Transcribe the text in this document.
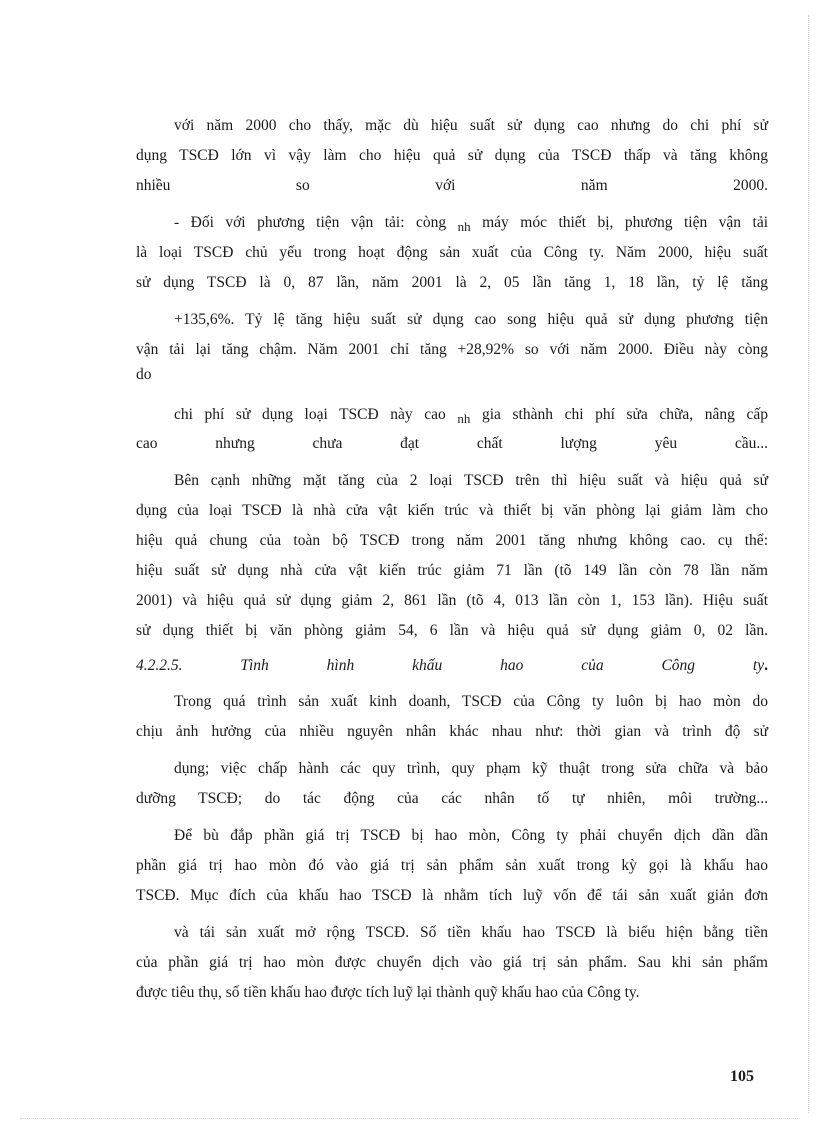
với năm 2000 cho thấy, mặc dù hiệu suất sử dụng cao nhưng do chi phí sử
dụng TSCĐ lớn vì vậy làm cho hiệu quả sử dụng của TSCĐ thấp và tăng không
nhiều so với năm 2000.
- Đối với phương tiện vận tải: còng $_{nh}$ máy móc thiết bị, phương tiện vận tải
là loại TSCĐ chủ yếu trong hoạt động sản xuất của Công ty. Năm 2000, hiệu suất
sử dụng TSCĐ là 0, 87 lần, năm 2001 là 2, 05 lần tăng 1, 18 lần, tỷ lệ tăng
+135,6%. Tỷ lệ tăng hiệu suất sử dụng cao song hiệu quả sử dụng phương tiện
vận tải lại tăng chậm. Năm 2001 chỉ tăng +28,92% so với năm 2000. Điều này còng
do
chi phí sử dụng loại TSCĐ này cao $_{nh}$ gia sthành chi phí sửa chữa, nâng cấp
cao nhưng chưa đạt chất lượng yêu cầu...
Bên cạnh những mặt tăng của 2 loại TSCĐ trên thì hiệu suất và hiệu quả sử
dụng của loại TSCĐ là nhà cửa vật kiến trúc và thiết bị văn phòng lại giảm làm cho
hiệu quả chung của toàn bộ TSCĐ trong năm 2001 tăng nhưng không cao. cụ thể:
hiệu suất sử dụng nhà cửa vật kiến trúc giảm 71 lần (tõ 149 lần còn 78 lần năm
2001) và hiệu quả sử dụng giảm 2, 861 lần (tõ 4, 013 lần còn 1, 153 lần). Hiệu suất
sử dụng thiết bị văn phòng giảm 54, 6 lần và hiệu quả sử dụng giảm 0, 02 lần.
4.2.2.5. Tình hình khấu hao của Công ty.
Trong quá trình sản xuất kinh doanh, TSCĐ của Công ty luôn bị hao mòn do
chịu ảnh hưởng của nhiều nguyên nhân khác nhau như: thời gian và trình độ sử
dụng; việc chấp hành các quy trình, quy phạm kỹ thuật trong sửa chữa và bảo
dưỡng TSCĐ; do tác động của các nhân tố tự nhiên, môi trường...
Để bù đắp phần giá trị TSCĐ bị hao mòn, Công ty phải chuyển dịch dần dần
phần giá trị hao mòn đó vào giá trị sản phẩm sản xuất trong kỳ gọi là khấu hao
TSCĐ. Mục đích của khấu hao TSCĐ là nhằm tích luỹ vốn để tái sản xuất giản đơn
và tái sản xuất mở rộng TSCĐ. Số tiền khấu hao TSCĐ là biểu hiện bằng tiền
của phần giá trị hao mòn được chuyển dịch vào giá trị sản phẩm. Sau khi sản phẩm
được tiêu thụ, số tiền khấu hao được tích luỹ lại thành quỹ khấu hao của Công ty.
105
